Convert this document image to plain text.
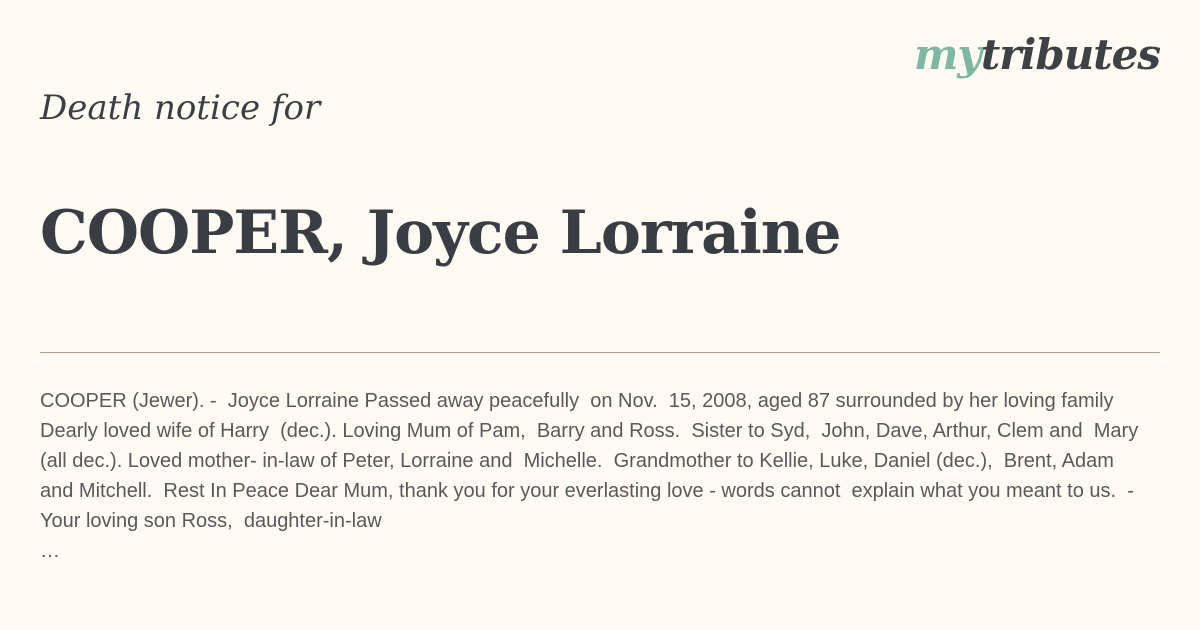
mytributes
Death notice for
COOPER, Joyce Lorraine

COOPER (Jewer). -  Joyce Lorraine Passed away peacefully  on Nov.  15, 2008, aged 87 surrounded by her loving family  Dearly loved wife of Harry  (dec.). Loving Mum of Pam,  Barry and Ross.  Sister to Syd,  John, Dave, Arthur, Clem and  Mary (all dec.). Loved mother- in-law of Peter, Lorraine and  Michelle.  Grandmother to Kellie, Luke, Daniel (dec.),  Brent, Adam and Mitchell.  Rest In Peace Dear Mum, thank you for your everlasting love - words cannot  explain what you meant to us.  - Your loving son Ross,  daughter-in-law

…
